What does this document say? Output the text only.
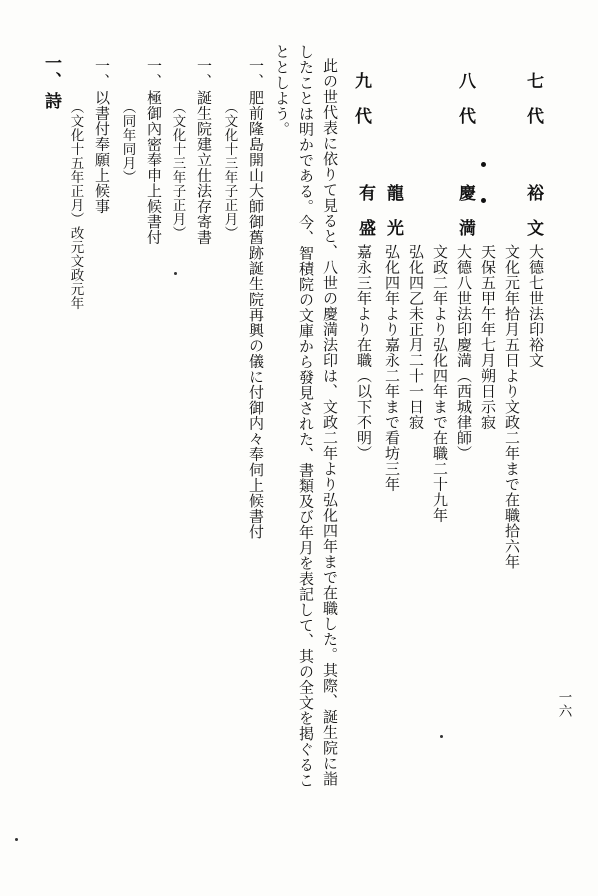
一六
七　代
裕　文
大德七世法印裕文
文化元年拾月五日より文政二年まで在職拾六年
天保五甲午年七月朔日示寂
八　代
慶　満
大德八世法印慶満（西城律師）
文政二年より弘化四年まで在職二十九年
弘化四乙未正月二十一日寂
九　代
龍　光
有　盛
弘化四年より嘉永二年まで看坊三年
嘉永三年より在職（以下不明）
此の世代表に依りて見ると、八世の慶満法印は、文政二年より弘化四年まで在職した。其際、誕生院に詣
したことは明かである。今、智積院の文庫から發見された、書類及び年月を表記して、其の全文を掲ぐるこ
ととしよう。
一、
肥前隆島開山大師御舊跡誕生院再興の儀に付御内々奉伺上候書付
（文化十三年子正月）
一、
誕生院建立仕法存寄書
（文化十三年子正月）
一、
極御內密奉申上候書付
（同年同月）
一、
以書付奉願上候事
（文化十五年正月）改元文政元年
一、
詩
